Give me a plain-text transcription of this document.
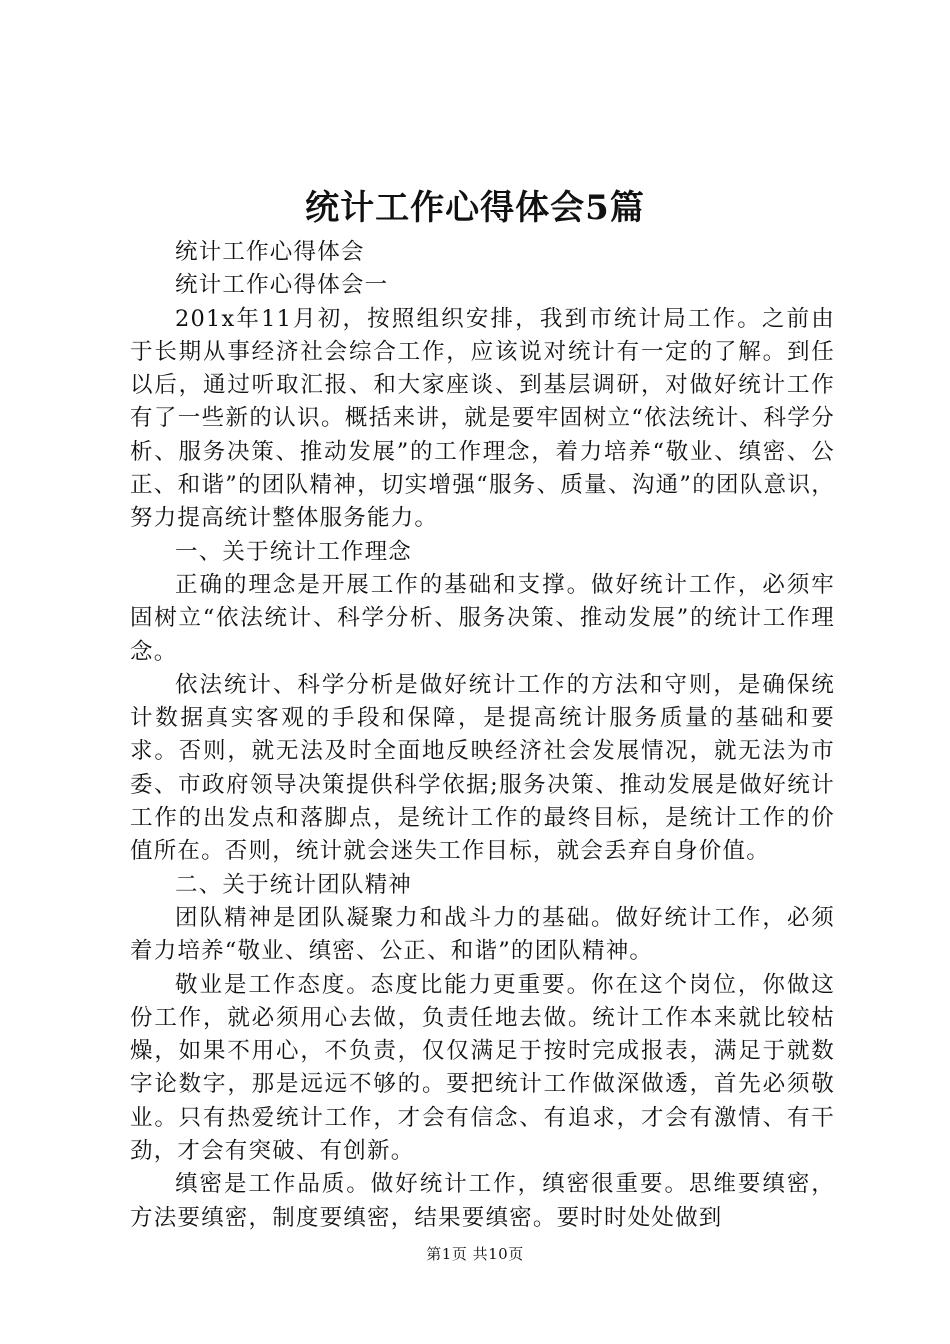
统计工作心得体会5篇

统计工作心得体会

统计工作心得体会一

201x年11月初，按照组织安排，我到市统计局工作。之前由于长期从事经济社会综合工作，应该说对统计有一定的了解。到任以后，通过听取汇报、和大家座谈、到基层调研，对做好统计工作有了一些新的认识。概括来讲，就是要牢固树立“依法统计、科学分析、服务决策、推动发展”的工作理念，着力培养“敬业、缜密、公正、和谐”的团队精神，切实增强“服务、质量、沟通”的团队意识，努力提高统计整体服务能力。

一、关于统计工作理念

正确的理念是开展工作的基础和支撑。做好统计工作，必须牢固树立“依法统计、科学分析、服务决策、推动发展”的统计工作理念。

依法统计、科学分析是做好统计工作的方法和守则，是确保统计数据真实客观的手段和保障，是提高统计服务质量的基础和要求。否则，就无法及时全面地反映经济社会发展情况，就无法为市委、市政府领导决策提供科学依据;服务决策、推动发展是做好统计工作的出发点和落脚点，是统计工作的最终目标，是统计工作的价值所在。否则，统计就会迷失工作目标，就会丢弃自身价值。

二、关于统计团队精神

团队精神是团队凝聚力和战斗力的基础。做好统计工作，必须着力培养“敬业、缜密、公正、和谐”的团队精神。

敬业是工作态度。态度比能力更重要。你在这个岗位，你做这份工作，就必须用心去做，负责任地去做。统计工作本来就比较枯燥，如果不用心，不负责，仅仅满足于按时完成报表，满足于就数字论数字，那是远远不够的。要把统计工作做深做透，首先必须敬业。只有热爱统计工作，才会有信念、有追求，才会有激情、有干劲，才会有突破、有创新。

缜密是工作品质。做好统计工作，缜密很重要。思维要缜密，方法要缜密，制度要缜密，结果要缜密。要时时处处做到

第1页 共10页
